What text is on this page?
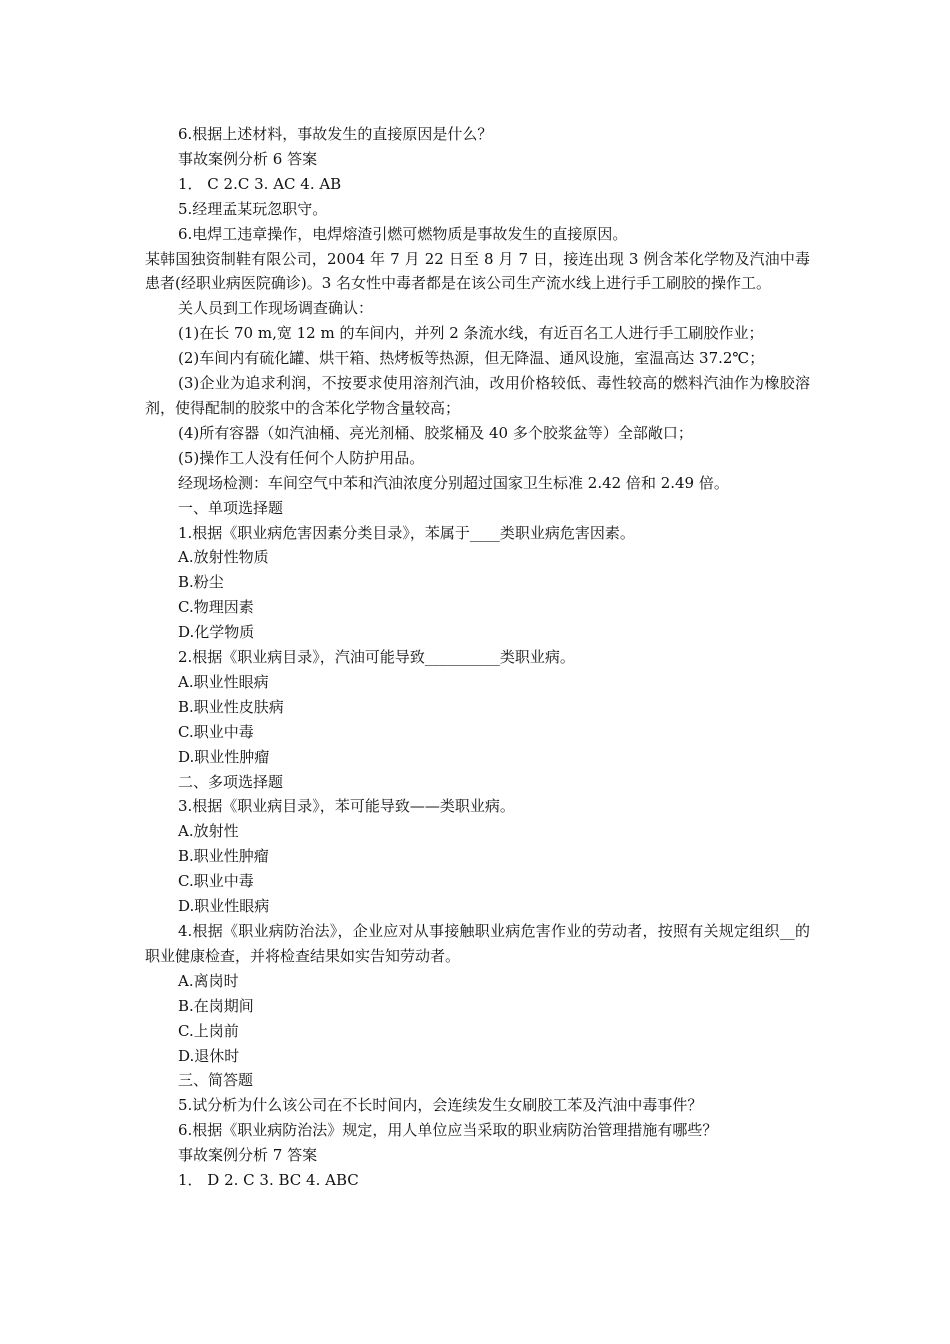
6.根据上述材料，事故发生的直接原因是什么？
事故案例分析 6 答案
1． C 2.C 3. AC 4. AB
5.经理孟某玩忽职守。
6.电焊工违章操作，电焊熔渣引燃可燃物质是事故发生的直接原因。
某韩国独资制鞋有限公司，2004 年 7 月 22 日至 8 月 7 日，接连出现 3 例含苯化学物及汽油中毒患者(经职业病医院确诊)。3 名女性中毒者都是在该公司生产流水线上进行手工刷胶的操作工。
关人员到工作现场调查确认：
(1)在长 70 m,宽 12 m 的车间内，并列 2 条流水线，有近百名工人进行手工刷胶作业；
(2)车间内有硫化罐、烘干箱、热烤板等热源，但无降温、通风设施，室温高达 37.2℃；
(3)企业为追求利润，不按要求使用溶剂汽油，改用价格较低、毒性较高的燃料汽油作为橡胶溶剂，使得配制的胶浆中的含苯化学物含量较高；
(4)所有容器（如汽油桶、亮光剂桶、胶浆桶及 40 多个胶浆盆等）全部敞口；
(5)操作工人没有任何个人防护用品。
经现场检测：车间空气中苯和汽油浓度分别超过国家卫生标准 2.42 倍和 2.49 倍。
一、单项选择题
1.根据《职业病危害因素分类目录》，苯属于____类职业病危害因素。
A.放射性物质
B.粉尘
C.物理因素
D.化学物质
2.根据《职业病目录》，汽油可能导致__________类职业病。
A.职业性眼病
B.职业性皮肤病
C.职业中毒
D.职业性肿瘤
二、多项选择题
3.根据《职业病目录》，苯可能导致——类职业病。
A.放射性
B.职业性肿瘤
C.职业中毒
D.职业性眼病
4.根据《职业病防治法》，企业应对从事接触职业病危害作业的劳动者，按照有关规定组织__的职业健康检查，并将检查结果如实告知劳动者。
A.离岗时
B.在岗期间
C.上岗前
D.退休时
三、简答题
5.试分析为什么该公司在不长时间内，会连续发生女刷胶工苯及汽油中毒事件？
6.根据《职业病防治法》规定，用人单位应当采取的职业病防治管理措施有哪些？
事故案例分析 7 答案
1． D 2. C 3. BC 4. ABC
